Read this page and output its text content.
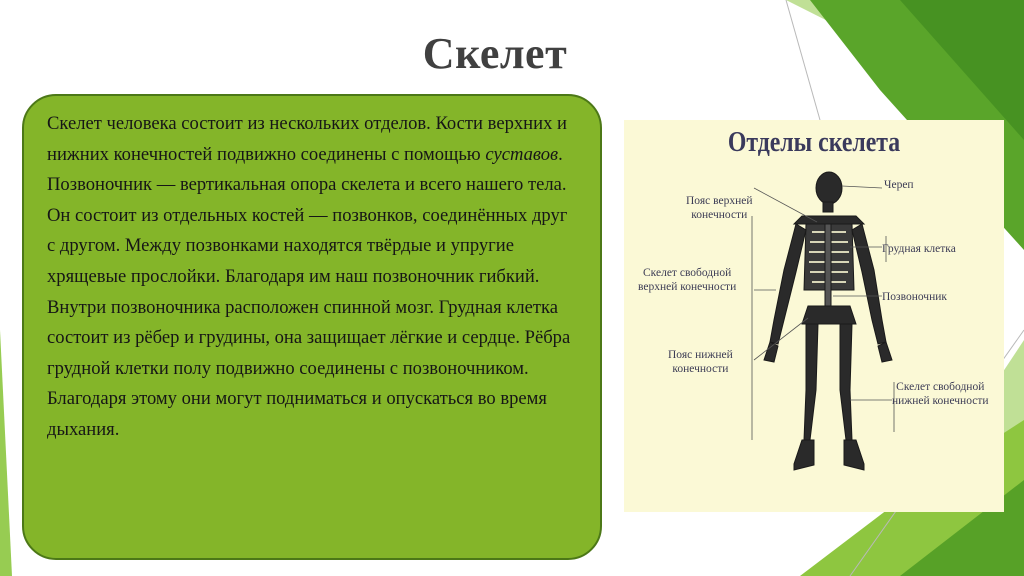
Скелет
Скелет человека состоит из нескольких отделов. Кости верхних и нижних конечностей подвижно соединены с помощью суставов. Позвоночник — вертикальная опора скелета и всего нашего тела. Он состоит из отдельных костей — позвонков, соединённых друг с другом. Между позвонками находятся твёрдые и упругие хрящевые прослойки. Благодаря им наш позвоночник гибкий. Внутри позвоночника расположен спинной мозг. Грудная клетка состоит из рёбер и грудины, она защищает лёгкие и сердце. Рёбра грудной клетки полу подвижно соединены с позвоночником. Благодаря этому они могут подниматься и опускаться во время дыхания.
Отделы скелета
Пояс верхней
конечности
Скелет свободной
верхней конечности
Пояс нижней
конечности
Череп
Грудная клетка
Позвоночник
Скелет свободной
нижней конечности
